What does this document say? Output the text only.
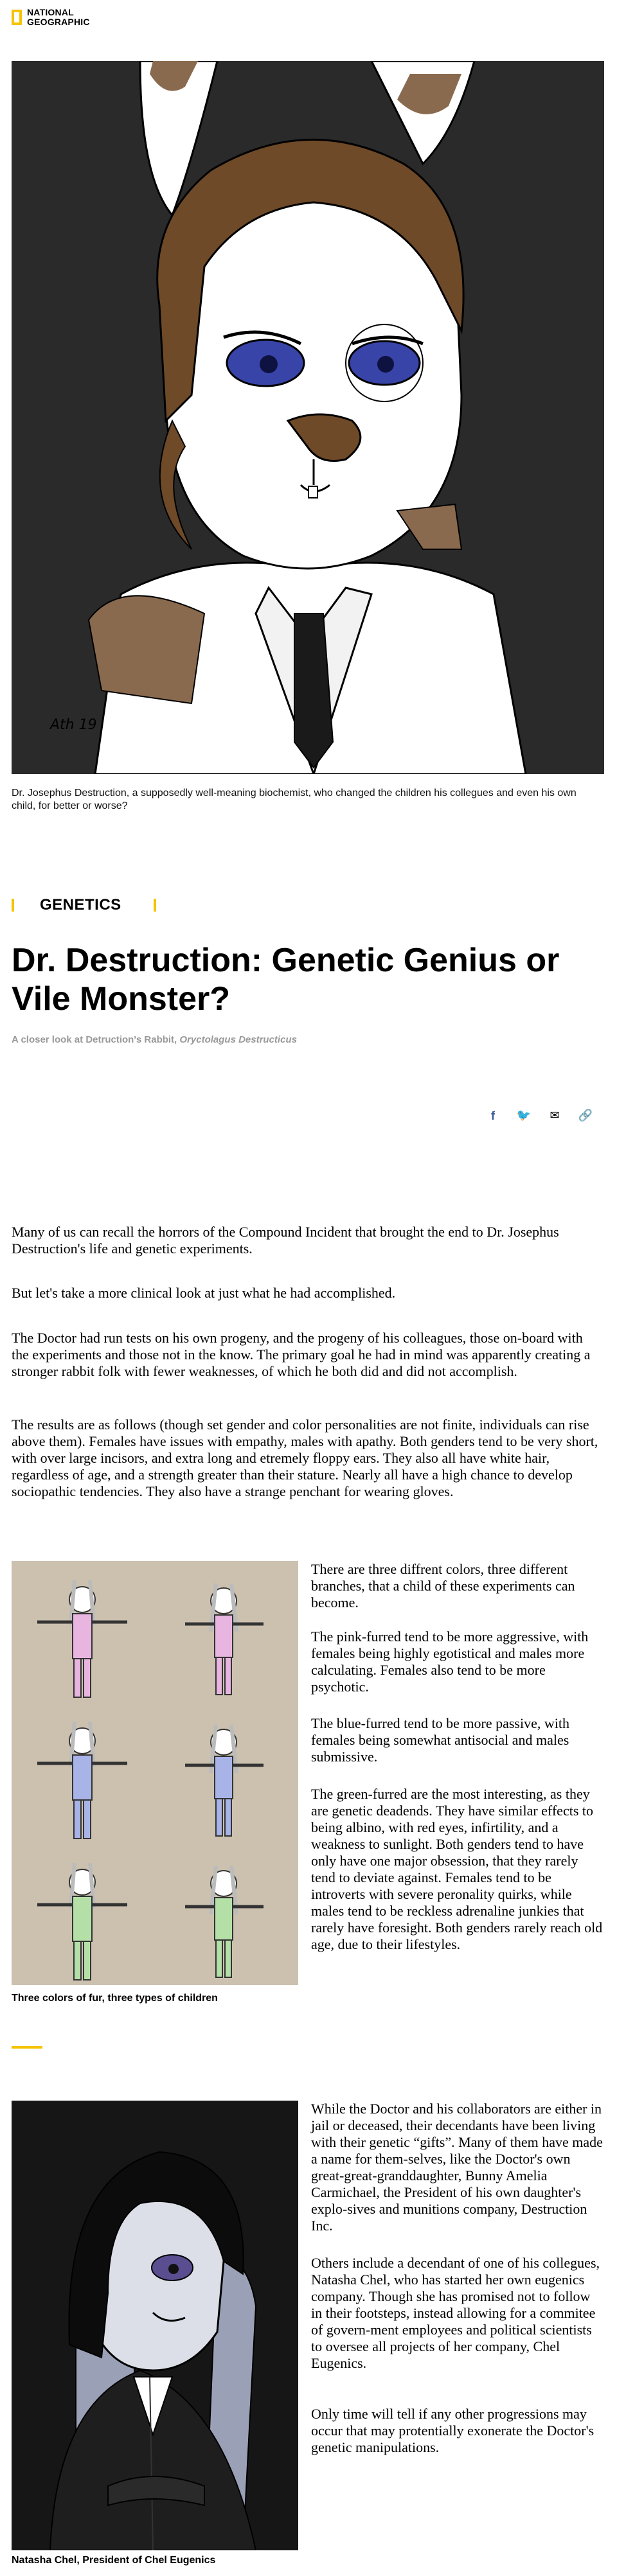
NATIONAL
GEOGRAPHIC
Ath 19
Dr. Josephus Destruction, a supposedly well-meaning biochemist, who changed the children his collegues and even his own child, for better or worse?
GENETICS
Dr. Destruction: Genetic Genius or Vile Monster?
A closer look at Detruction's Rabbit, Oryctolagus Destructicus
f	🐦 ✉ 🔗

Many of us can recall the horrors of the Compound Incident that brought the end to Dr. Josephus Destruction's life and genetic experiments.

But let's take a more clinical look at just what he had accomplished.

The Doctor had run tests on his own progeny, and the progeny of his colleagues, those on-board with the experiments and those not in the know. The primary goal he had in mind was apparently creating a stronger rabbit folk with fewer weaknesses, of which he both did and did not accomplish.

The results are as follows (though set gender and color personalities are not finite, individuals can rise above them). Females have issues with empathy, males with apathy. Both genders tend to be very short, with over large incisors, and extra long and etremely floppy ears. They also all have white hair, regardless of age, and a strength greater than their stature. Nearly all have a high chance to develop sociopathic tendencies. They also have a strange penchant for wearing gloves.

Three colors of fur, three types of children

There are three diffrent colors, three different branches, that a child of these experiments can become.

The pink-furred tend to be more aggressive, with females being highly egotistical and males more calculating. Females also tend to be more psychotic.

The blue-furred tend to be more passive, with females being somewhat antisocial and males submissive.

The green-furred are the most interesting, as they are genetic deadends. They have similar effects to being albino, with red eyes, infirtility, and a weakness to sunlight. Both genders tend to have only have one major obsession, that they rarely tend to deviate against. Females tend to be introverts with severe peronality quirks, while males tend to be reckless adrenaline junkies that rarely have foresight. Both genders rarely reach old age, due to their lifestyles.

Natasha Chel, President of Chel Eugenics

While the Doctor and his collaborators are either in jail or deceased, their decendants have been living with their genetic “gifts”. Many of them have made a name for them-selves, like the Doctor's own great-great-granddaughter, Bunny Amelia Carmichael, the President of his own daughter's explo-sives and munitions company, Destruction Inc.

Others include a decendant of one of his collegues, Natasha Chel, who has started her own eugenics company. Though she has promised not to follow in their footsteps, instead allowing for a commitee of govern-ment employees and political scientists to oversee all projects of her company, Chel Eugenics.

Only time will tell if any other progressions may occur that may protentially exonerate the Doctor's genetic manipulations.
